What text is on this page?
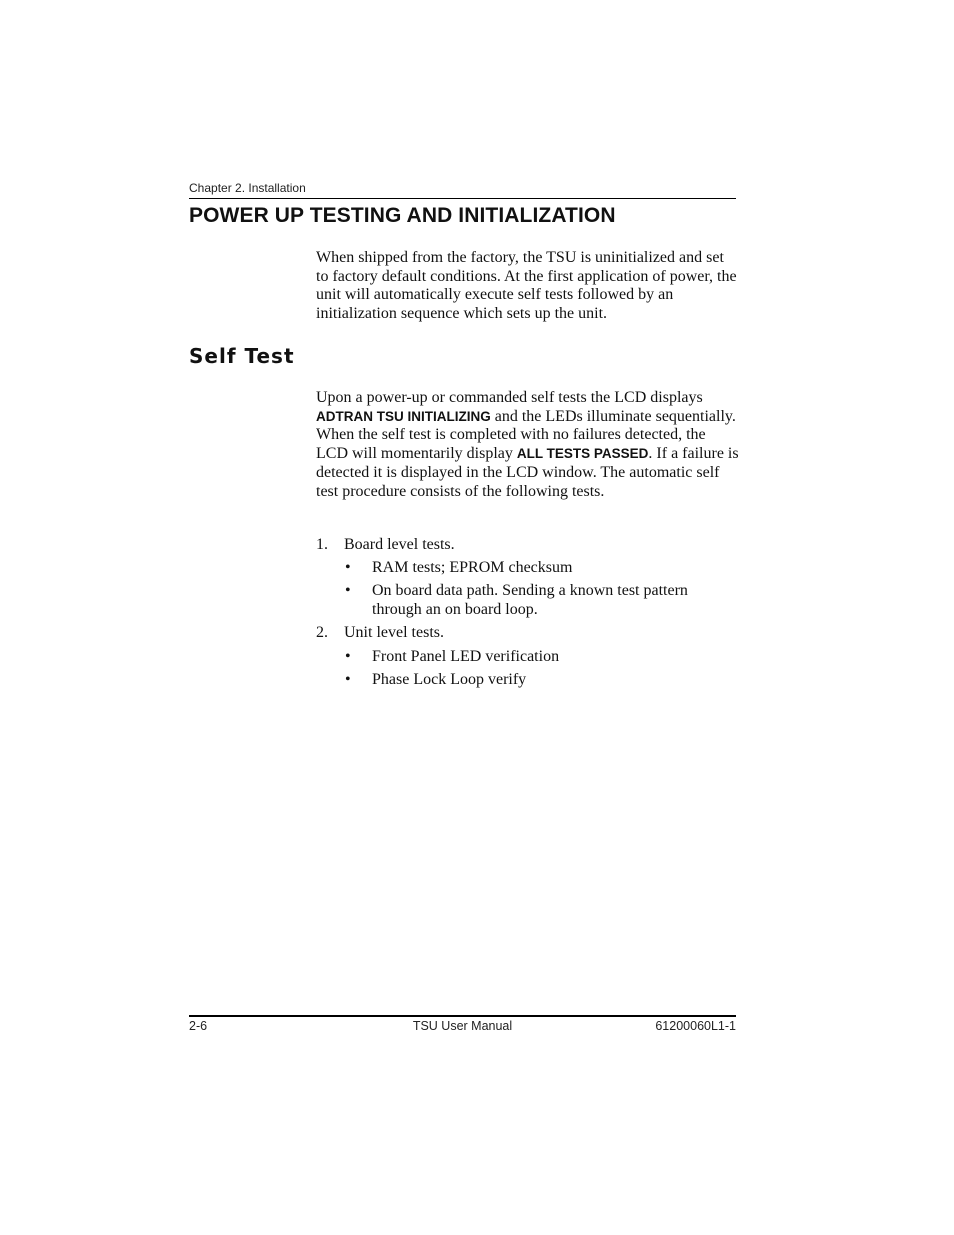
Chapter 2. Installation
POWER UP TESTING AND INITIALIZATION

When shipped from the factory, the TSU is uninitialized and set to factory default conditions. At the first application of power, the unit will automatically execute self tests followed by an initialization sequence which sets up the unit.

Self Test

Upon a power-up or commanded self tests the LCD displays ADTRAN TSU INITIALIZING and the LEDs illuminate sequentially. When the self test is completed with no failures detected, the LCD will momentarily display ALL TESTS PASSED. If a failure is detected it is displayed in the LCD window. The automatic self test procedure consists of the following tests.

1. Board level tests.
• RAM tests; EPROM checksum
• On board data path. Sending a known test pattern through an on board loop.
2. Unit level tests.
• Front Panel LED verification
• Phase Lock Loop verify
2-6	TSU User Manual	61200060L1-1
